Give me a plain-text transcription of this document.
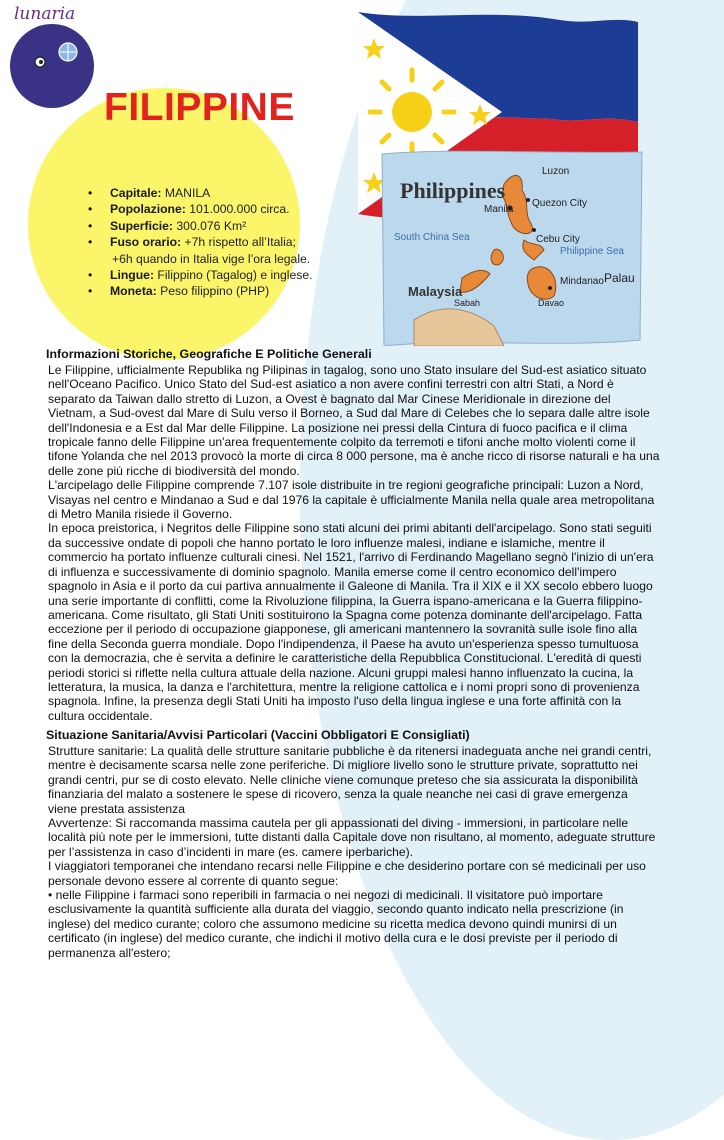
lunaria
FILIPPINE
Luzon
Philippines
Manila
Quezon City
South China Sea	Cebu City
Philippine Sea
Mindanao Palau
Davao
Malaysia
Sabah
• Capitale: MANILA
• Popolazione: 101.000.000 circa.
• Superficie: 300.076 Km²
• Fuso orario: +7h rispetto all’Italia;
+6h quando in Italia vige l’ora legale.
• Lingue: Filippino (Tagalog) e inglese.
• Moneta: Peso filippino (PHP)
Informazioni Storiche, Geografiche E Politiche Generali

Le Filippine, ufficialmente Republika ng Pilipinas in tagalog, sono uno Stato insulare del Sud-est asiatico situato nell'Oceano Pacifico. Unico Stato del Sud-est asiatico a non avere confini terrestri con altri Stati, a Nord è separato da Taiwan dallo stretto di Luzon, a Ovest è bagnato dal Mar Cinese Meridionale in direzione del Vietnam, a Sud-ovest dal Mare di Sulu verso il Borneo, a Sud dal Mare di Celebes che lo separa dalle altre isole dell'Indonesia e a Est dal Mar delle Filippine. La posizione nei pressi della Cintura di fuoco pacifica e il clima tropicale fanno delle Filippine un'area frequentemente colpito da terremoti e tifoni anche molto violenti come il tifone Yolanda che nel 2013 provocò la morte di circa 8 000 persone, ma è anche ricco di risorse naturali e ha una delle zone più ricche di biodiversità del mondo.

L'arcipelago delle Filippine comprende 7.107 isole distribuite in tre regioni geografiche principali: Luzon a Nord, Visayas nel centro e Mindanao a Sud e dal 1976 la capitale è ufficialmente Manila nella quale area metropolitana di Metro Manila risiede il Governo.

In epoca preistorica, i Negritos delle Filippine sono stati alcuni dei primi abitanti dell'arcipelago. Sono stati seguiti da successive ondate di popoli che hanno portato le loro influenze malesi, indiane e islamiche, mentre il commercio ha portato influenze culturali cinesi. Nel 1521, l'arrivo di Ferdinando Magellano segnò l'inizio di un'era di influenza e successivamente di dominio spagnolo. Manila emerse come il centro economico dell'impero spagnolo in Asia e il porto da cui partiva annualmente il Galeone di Manila. Tra il XIX e il XX secolo ebbero luogo una serie importante di conflitti, come la Rivoluzione filippina, la Guerra ispano-americana e la Guerra filippino-americana. Come risultato, gli Stati Uniti sostituirono la Spagna come potenza dominante dell'arcipelago. Fatta eccezione per il periodo di occupazione giapponese, gli americani mantennero la sovranità sulle isole fino alla fine della Seconda guerra mondiale. Dopo l'indipendenza, il Paese ha avuto un'esperienza spesso tumultuosa con la democrazia, che è servita a definire le caratteristiche della Repubblica Constitucional. L'eredità di questi periodi storici si riflette nella cultura attuale della nazione. Alcuni gruppi malesi hanno influenzato la cucina, la letteratura, la musica, la danza e l'architettura, mentre la religione cattolica e i nomi propri sono di provenienza spagnola. Infine, la presenza degli Stati Uniti ha imposto l'uso della lingua inglese e una forte affinità con la cultura occidentale.

Situazione Sanitaria/Avvisi Particolari (Vaccini Obbligatori E Consigliati)

Strutture sanitarie: La qualità delle strutture sanitarie pubbliche è da ritenersi inadeguata anche nei grandi centri, mentre è decisamente scarsa nelle zone periferiche. Di migliore livello sono le strutture private, soprattutto nei grandi centri, pur se di costo elevato. Nelle cliniche viene comunque preteso che sia assicurata la disponibilità finanziaria del malato a sostenere le spese di ricovero, senza la quale neanche nei casi di grave emergenza viene prestata assistenza

Avvertenze: Si raccomanda massima cautela per gli appassionati del diving - immersioni, in particolare nelle località più note per le immersioni, tutte distanti dalla Capitale dove non risultano, al momento, adeguate strutture per l’assistenza in caso d’incidenti in mare (es. camere iperbariche).

I viaggiatori temporanei che intendano recarsi nelle Filippine e che desiderino portare con sé medicinali per uso personale devono essere al corrente di quanto segue:

• nelle Filippine i farmaci sono reperibili in farmacia o nei negozi di medicinali. Il visitatore può importare esclusivamente la quantità sufficiente alla durata del viaggio, secondo quanto indicato nella prescrizione (in inglese) del medico curante; coloro che assumono medicine su ricetta medica devono quindi munirsi di un certificato (in inglese) del medico curante, che indichi il motivo della cura e le dosi previste per il periodo di permanenza all'estero;
